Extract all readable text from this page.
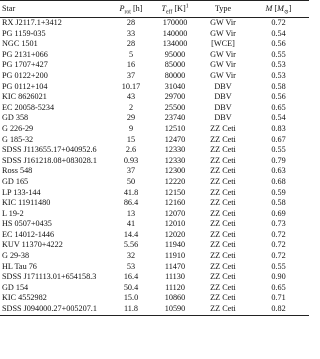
Star	$P_{rot}$ [h]	$T_{eff}$ $[K]^1$	Type	M $[M_⊙]$
RX J2117.1+3412	28	170000	GW Vir	0.72
PG 1159-035	33	140000	GW Vir	0.54
NGC 1501	28	134000	[WCE]	0.56
PG 2131+066	5	95000	GW Vir	0.55
PG 1707+427	16	85000	GW Vir	0.53
PG 0122+200	37	80000	GW Vir	0.53
PG 0112+104	10.17	31040	DBV	0.58
KIC 8626021	43	29700	DBV	0.56
EC 20058-5234	2	25500	DBV	0.65
GD 358	29	23740	DBV	0.54
G 226-29	9	12510	ZZ Ceti	0.83
G 185-32	15	12470	ZZ Ceti	0.67
SDSS J113655.17+040952.6	2.6	12330	ZZ Ceti	0.55
SDSS J161218.08+083028.1	0.93	12330	ZZ Ceti	0.79
Ross 548	37	12300	ZZ Ceti	0.63
GD 165	50	12220	ZZ Ceti	0.68
LP 133-144	41.8	12150	ZZ Ceti	0.59
KIC 11911480	86.4	12160	ZZ Ceti	0.58
L 19-2	13	12070	ZZ Ceti	0.69
HS 0507+0435	41	12010	ZZ Ceti	0.73
EC 14012-1446	14.4	12020	ZZ Ceti	0.72
KUV 11370+4222	5.56	11940	ZZ Ceti	0.72
G 29-38	32	11910	ZZ Ceti	0.72
HL Tau 76	53	11470	ZZ Ceti	0.55
SDSS J171113.01+654158.3	16.4	11130	ZZ Ceti	0.90
GD 154	50.4	11120	ZZ Ceti	0.65
KIC 4552982	15.0	10860	ZZ Ceti	0.71
SDSS J094000.27+005207.1	11.8	10590	ZZ Ceti	0.82
